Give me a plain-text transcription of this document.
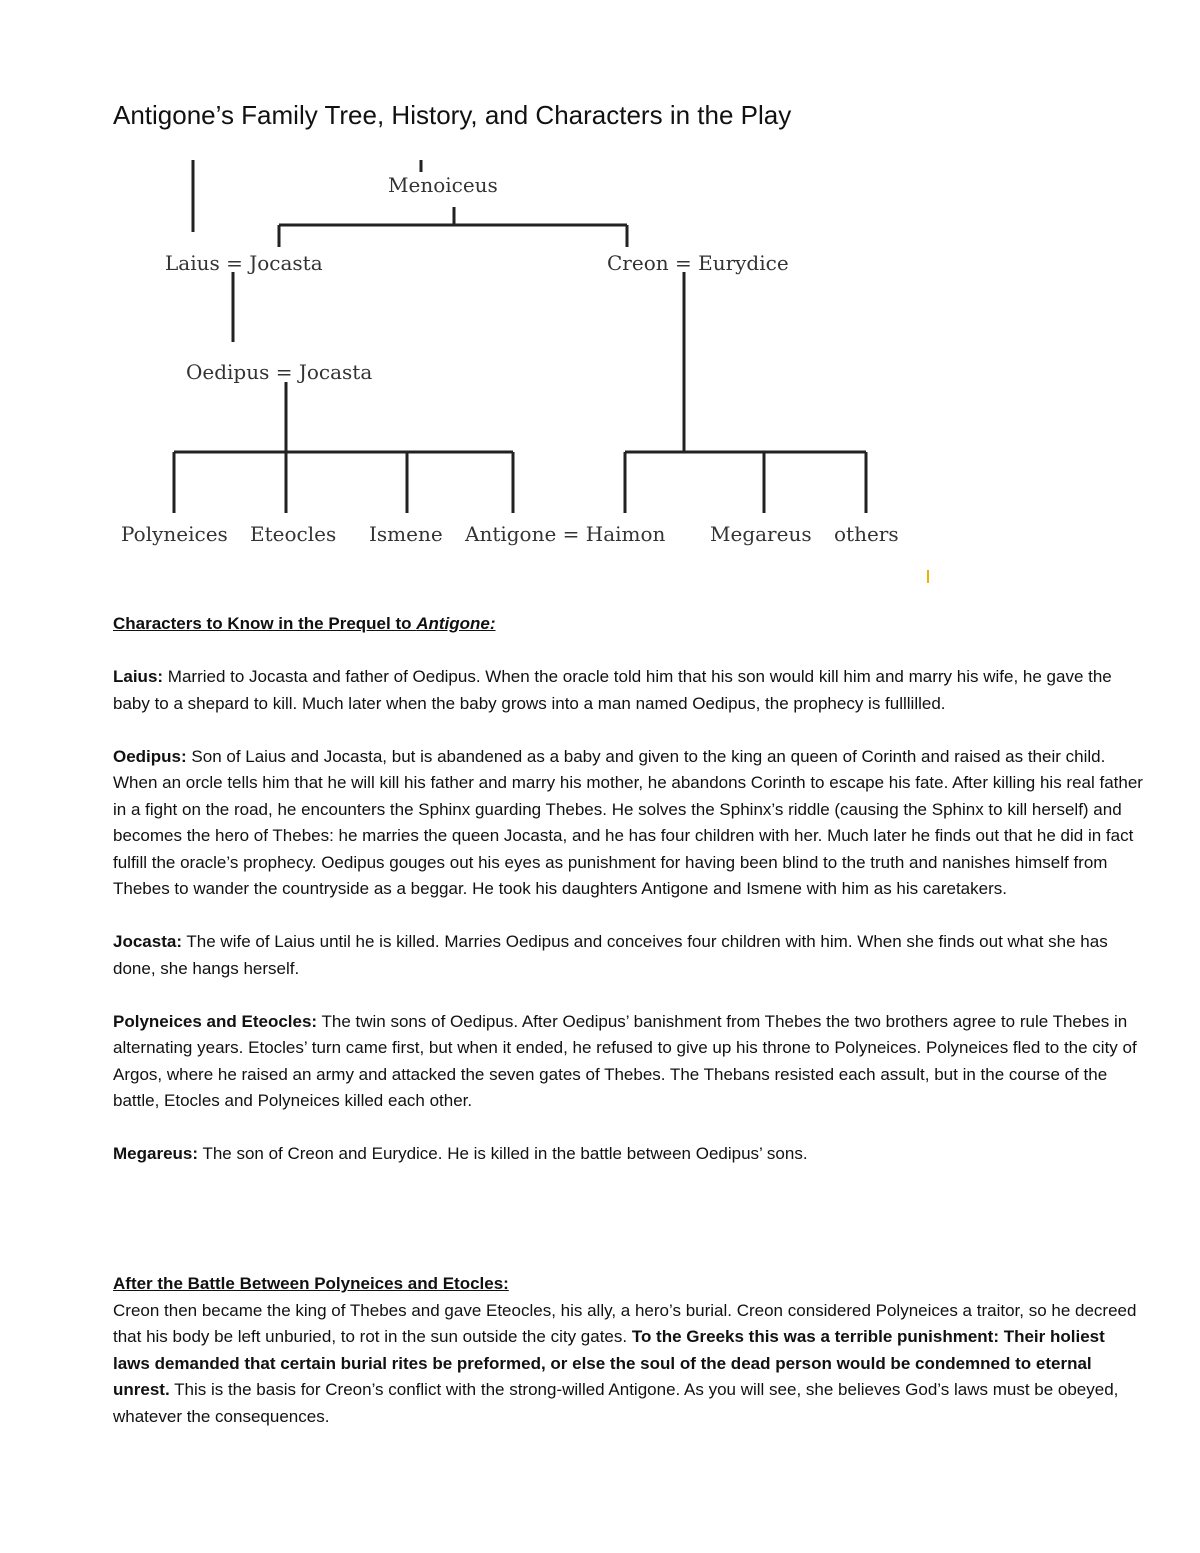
Antigone’s Family Tree, History, and Characters in the Play
Menoiceus
Laius = Jocasta	Creon = Eurydice
Oedipus = Jocasta
Polyneices Eteocles Ismene Antigone = Haimon Megareus others

Characters to Know in the Prequel to Antigone:

Laius: Married to Jocasta and father of Oedipus. When the oracle told him that his son would kill him and marry his wife, he gave the baby to a shepard to kill. Much later when the baby grows into a man named Oedipus, the prophecy is fulllilled.

Oedipus: Son of Laius and Jocasta, but is abandened as a baby and given to the king an queen of Corinth and raised as their child. When an orcle tells him that he will kill his father and marry his mother, he abandons Corinth to escape his fate. After killing his real father in a fight on the road, he encounters the Sphinx guarding Thebes. He solves the Sphinx’s riddle (causing the Sphinx to kill herself) and becomes the hero of Thebes: he marries the queen Jocasta, and he has four children with her. Much later he finds out that he did in fact fulfill the oracle’s prophecy. Oedipus gouges out his eyes as punishment for having been blind to the truth and nanishes himself from Thebes to wander the countryside as a beggar. He took his daughters Antigone and Ismene with him as his caretakers.

Jocasta: The wife of Laius until he is killed. Marries Oedipus and conceives four children with him. When she finds out what she has done, she hangs herself.

Polyneices and Eteocles: The twin sons of Oedipus. After Oedipus’ banishment from Thebes the two brothers agree to rule Thebes in alternating years. Etocles’ turn came first, but when it ended, he refused to give up his throne to Polyneices. Polyneices fled to the city of Argos, where he raised an army and attacked the seven gates of Thebes. The Thebans resisted each assult, but in the course of the battle, Etocles and Polyneices killed each other.

Megareus: The son of Creon and Eurydice. He is killed in the battle between Oedipus’ sons.

After the Battle Between Polyneices and Etocles:

Creon then became the king of Thebes and gave Eteocles, his ally, a hero’s burial. Creon considered Polyneices a traitor, so he decreed that his body be left unburied, to rot in the sun outside the city gates. To the Greeks this was a terrible punishment: Their holiest laws demanded that certain burial rites be preformed, or else the soul of the dead person would be condemned to eternal unrest. This is the basis for Creon’s conflict with the strong-willed Antigone. As you will see, she believes God’s laws must be obeyed, whatever the consequences.
